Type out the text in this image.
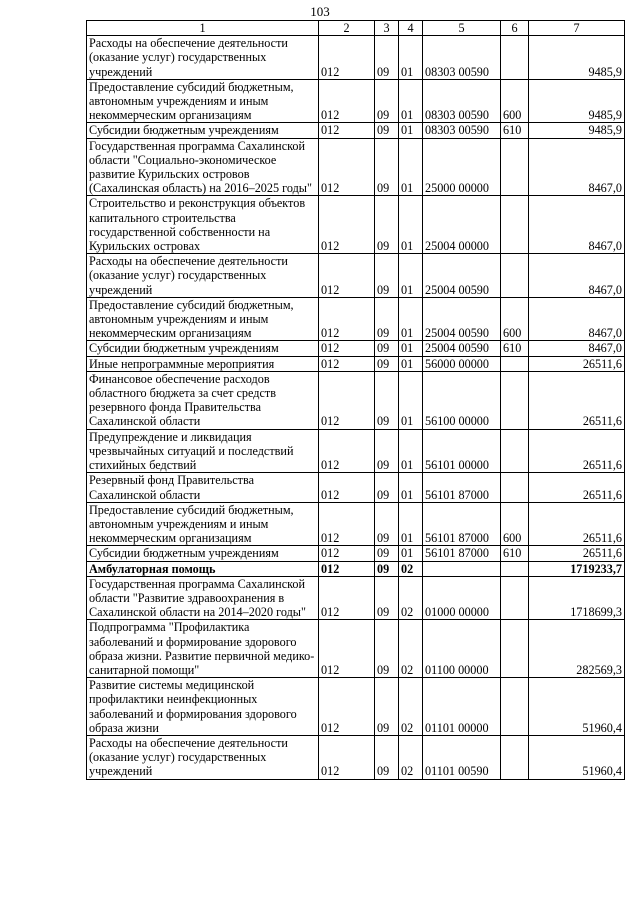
103
1	2	3	4	5	6	7
Расходы на обеспечение деятельности (оказание услуг) государственных учреждений	012	09	01	08303 00590		9485,9
Предоставление субсидий бюджетным, автономным учреждениям и иным некоммерческим организациям	012	09	01	08303 00590	600	9485,9
Субсидии бюджетным учреждениям	012	09	01	08303 00590	610	9485,9
Государственная программа Сахалинской области "Социально-экономическое развитие Курильских островов (Сахалинская область) на 2016–2025 годы"	012	09	01	25000 00000		8467,0
Строительство и реконструкция объектов капитального строительства государственной собственности на Курильских островах	012	09	01	25004 00000		8467,0
Расходы на обеспечение деятельности (оказание услуг) государственных учреждений	012	09	01	25004 00590		8467,0
Предоставление субсидий бюджетным, автономным учреждениям и иным некоммерческим организациям	012	09	01	25004 00590	600	8467,0
Субсидии бюджетным учреждениям	012	09	01	25004 00590	610	8467,0
Иные непрограммные мероприятия	012	09	01	56000 00000		26511,6
Финансовое обеспечение расходов областного бюджета за счет средств резервного фонда Правительства Сахалинской области	012	09	01	56100 00000		26511,6
Предупреждение и ликвидация чрезвычайных ситуаций и последствий стихийных бедствий	012	09	01	56101 00000		26511,6
Резервный фонд Правительства Сахалинской области	012	09	01	56101 87000		26511,6
Предоставление субсидий бюджетным, автономным учреждениям и иным некоммерческим организациям	012	09	01	56101 87000	600	26511,6
Субсидии бюджетным учреждениям	012	09	01	56101 87000	610	26511,6
Амбулаторная помощь	012	09	02			1719233,7
Государственная программа Сахалинской области "Развитие здравоохранения в Сахалинской области на 2014–2020 годы"	012	09	02	01000 00000		1718699,3
Подпрограмма "Профилактика заболеваний и формирование здорового образа жизни. Развитие первичной медико-санитарной помощи"	012	09	02	01100 00000		282569,3
Развитие системы медицинской профилактики неинфекционных заболеваний и формирования здорового образа жизни	012	09	02	01101 00000		51960,4
Расходы на обеспечение деятельности (оказание услуг) государственных учреждений	012	09	02	01101 00590		51960,4
